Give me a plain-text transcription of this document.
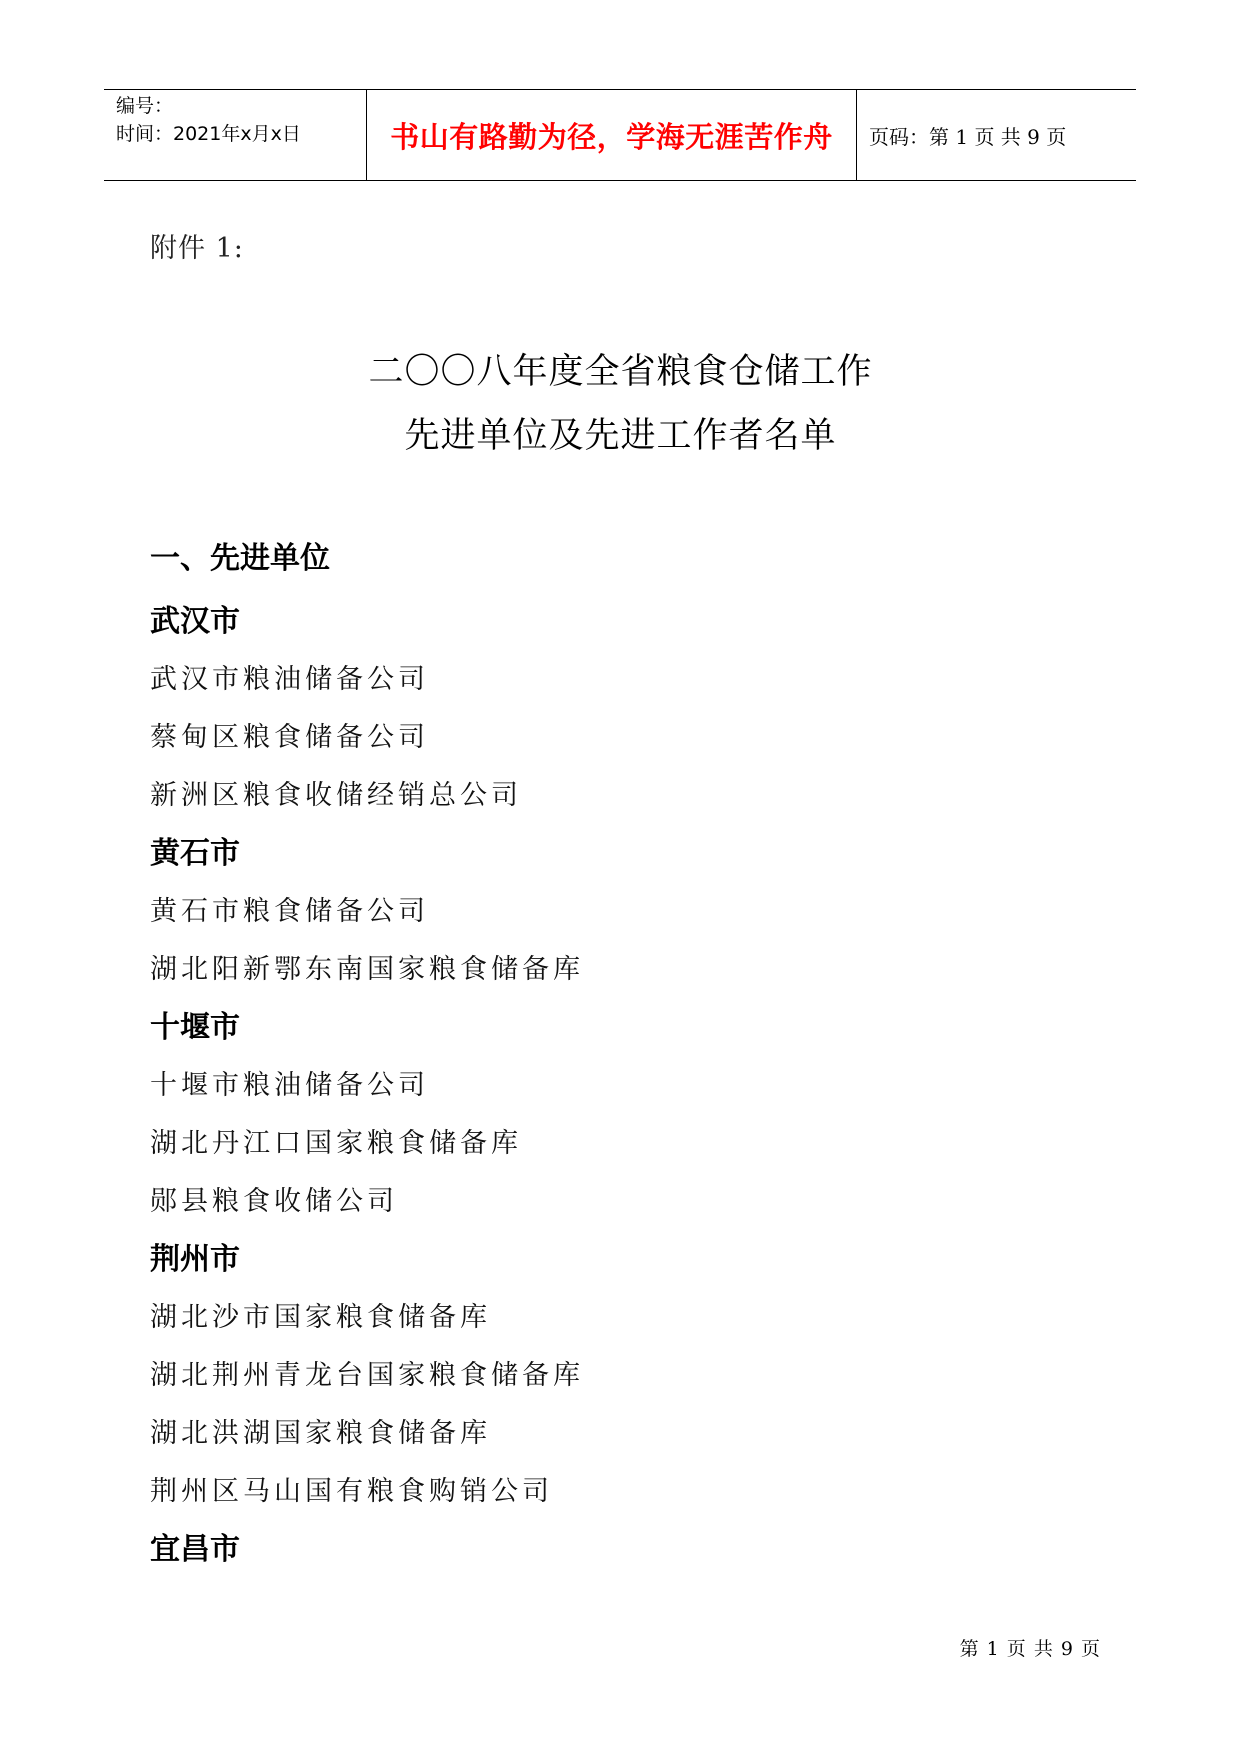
编号：
时间：2021年x月x日	书山有路勤为径，学海无涯苦作舟 页码：第 1 页 共 9 页
附件 1:
二〇〇八年度全省粮食仓储工作
先进单位及先进工作者名单
一、先进单位
武汉市
武汉市粮油储备公司
蔡甸区粮食储备公司
新洲区粮食收储经销总公司
黄石市
黄石市粮食储备公司
湖北阳新鄂东南国家粮食储备库
十堰市
十堰市粮油储备公司
湖北丹江口国家粮食储备库
郧县粮食收储公司
荆州市
湖北沙市国家粮食储备库
湖北荆州青龙台国家粮食储备库
湖北洪湖国家粮食储备库
荆州区马山国有粮食购销公司
宜昌市
第 1 页 共 9 页
